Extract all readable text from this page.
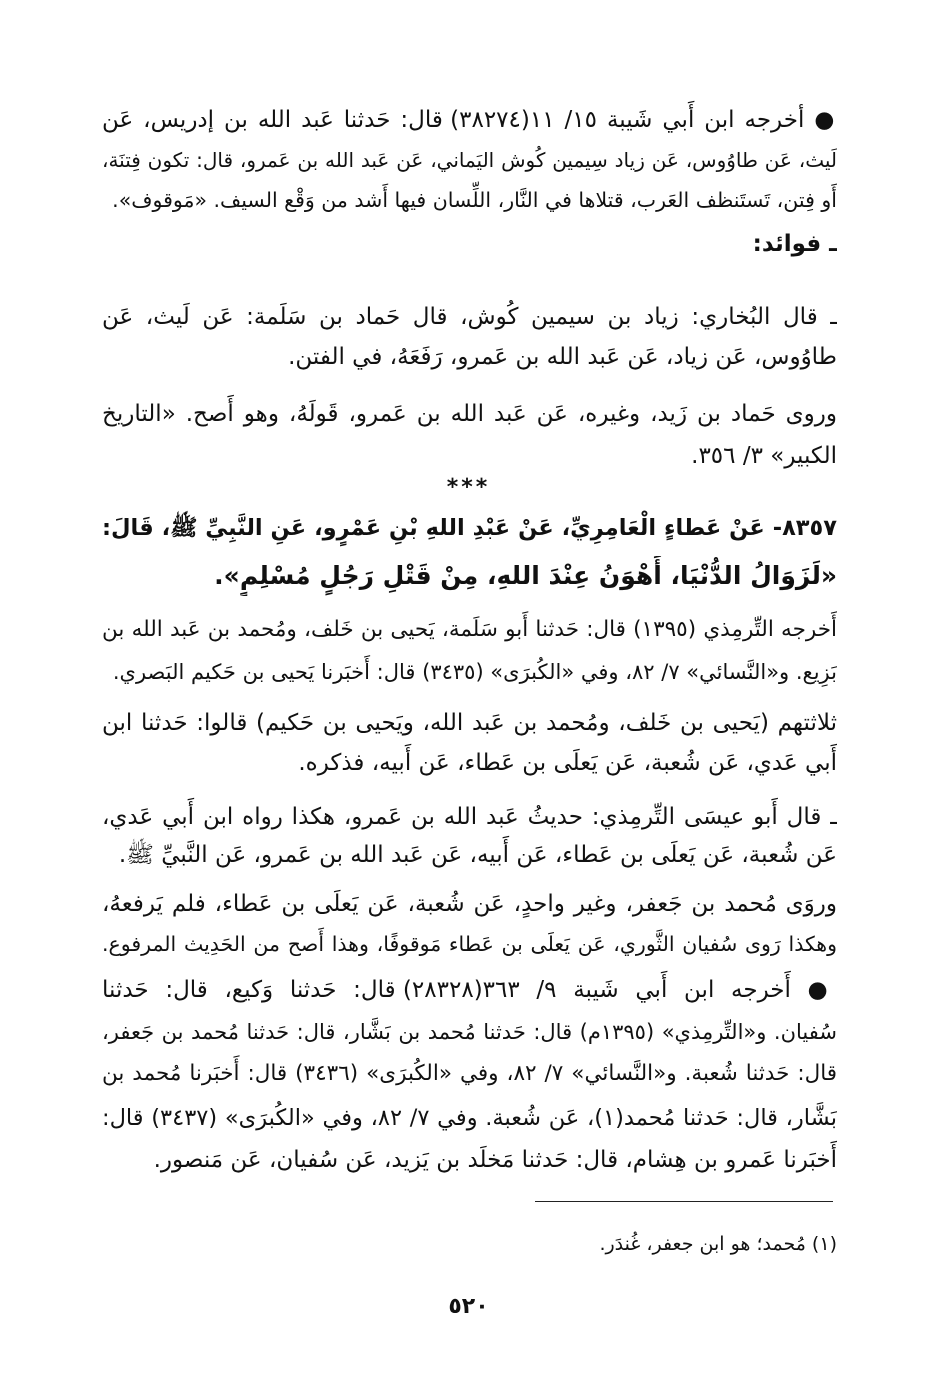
● أخرجه ابن أَبي شَيبة ١٥/ ١١(٣٨٢٧٤) قال: حَدثنا عَبد الله بن إدريس، عَن
لَيث، عَن طاوُوس، عَن زياد سِيمين كُوش اليَماني، عَن عَبد الله بن عَمرو، قال: تكون فِتنَة،
أَو فِتن، تَستَنظف العَرب، قتلاها في النَّار، اللِّسان فيها أَشد من وَقْع السيف. «مَوقوف».
ـ فوائد:
ـ قال البُخاري: زياد بن سيمين كُوش، قال حَماد بن سَلَمة: عَن لَيث، عَن
طاوُوس، عَن زياد، عَن عَبد الله بن عَمرو، رَفَعَهُ، في الفتن.
وروى حَماد بن زَيد، وغيره، عَن عَبد الله بن عَمرو، قَولَهُ، وهو أَصح. «التاريخ
الكبير» ٣/ ٣٥٦.
***
٨٣٥٧- عَنْ عَطاءٍ الْعَامِرِيِّ، عَنْ عَبْدِ اللهِ بْنِ عَمْرٍو، عَنِ النَّبِيِّ ﷺ، قَالَ:
«لَزَوَالُ الدُّنْيَا، أَهْوَنُ عِنْدَ اللهِ، مِنْ قَتْلِ رَجُلٍ مُسْلِمٍ».
أَخرجه التِّرمِذي (١٣٩٥) قال: حَدثنا أَبو سَلَمة، يَحيى بن خَلف، ومُحمد بن عَبد الله بن
بَزِيع. و«النَّسائي» ٧/ ٨٢، وفي «الكُبرَى» (٣٤٣٥) قال: أَخبَرنا يَحيى بن حَكيم البَصري.
ثلاثتهم (يَحيى بن خَلف، ومُحمد بن عَبد الله، ويَحيى بن حَكيم) قالوا: حَدثنا ابن
أَبي عَدي، عَن شُعبة، عَن يَعلَى بن عَطاء، عَن أَبيه، فذكره.
ـ قال أَبو عيسَى التِّرمِذي: حديثُ عَبد الله بن عَمرو، هكذا رواه ابن أَبي عَدي،
عَن شُعبة، عَن يَعلَى بن عَطاء، عَن أَبيه، عَن عَبد الله بن عَمرو، عَن النَّبيِّ ﷺ.
وروَى مُحمد بن جَعفر، وغير واحدٍ، عَن شُعبة، عَن يَعلَى بن عَطاء، فلم يَرفعهُ،
وهكذا رَوى سُفيان الثَّوري، عَن يَعلَى بن عَطاء مَوقوفًا، وهذا أَصح من الحَدِيث المرفوع.
● أَخرجه ابن أَبي شَيبة ٩/ ٣٦٣(٢٨٣٢٨) قال: حَدثنا وَكيع، قال: حَدثنا
سُفيان. و«التِّرمِذي» (١٣٩٥م) قال: حَدثنا مُحمد بن بَشَّار، قال: حَدثنا مُحمد بن جَعفر،
قال: حَدثنا شُعبة. و«النَّسائي» ٧/ ٨٢، وفي «الكُبرَى» (٣٤٣٦) قال: أَخبَرنا مُحمد بن
بَشَّار، قال: حَدثنا مُحمد(١)، عَن شُعبة. وفي ٧/ ٨٢، وفي «الكُبرَى» (٣٤٣٧) قال:
أَخبَرنا عَمرو بن هِشام، قال: حَدثنا مَخلَد بن يَزيد، عَن سُفيان، عَن مَنصور.
(١) مُحمد؛ هو ابن جعفر، غُندَر.
٥٢٠
